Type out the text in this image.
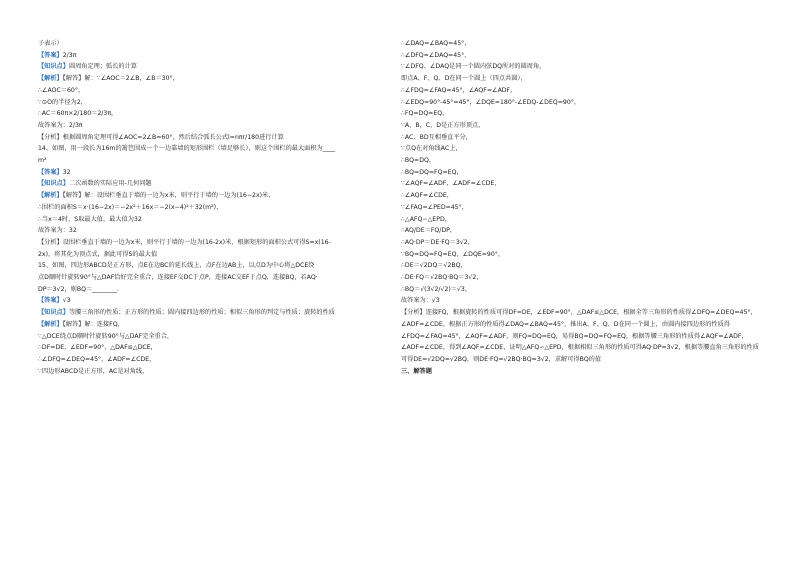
子表示）
【答案】2/3π
【知识点】圆周角定理；弧长的计算
【解析】【解答】解：∵∠AOC＝2∠B，∠B＝30°，
∴∠AOC＝60°，
∵⊙O的半径为2，
∴AC＝60π×2/180＝2/3π，
故答案为：2/3π
【分析】根据圆周角定理可得∠AOC=2∠B=60°，然后结合弧长公式l=nπr/180进行计算
14、如图，用一段长为16m的篱笆围成一个一边靠墙的矩形围栏（墙足够长），则这个围栏的最大面积为____
m²
【答案】32
【知识点】二次函数的实际应用-几何问题
【解析】【解答】解：设围栏垂直于墙的一边为x米，则平行于墙的一边为(16−2x)米，
∴围栏的面积S＝x·(16−2x)＝−2x²＋16x＝−2(x−4)²＋32(m²)，
∴当x＝4时，S取最大值，最大值为32
故答案为：32
【分析】设围栏垂直于墙的一边为x米，则平行于墙的一边为(16-2x)米，根据矩形的面积公式可得S=x(16-
2x)，将其化为顶点式，据此可得S的最大值
15、如图，四边形ABCD是正方形，点E在边BC的延长线上，点F在边AB上，以点D为中心将△DCE绕
点D顺时针旋转90°与△DAF恰好完全重合，连接EF交DC于点P，连接AC交EF于点Q，连接BQ，若AQ·
DP＝3√2，则BQ＝________.
【答案】√3
【知识点】等腰三角形的性质；正方形的性质；圆内接四边形的性质；相似三角形的判定与性质；旋转的性质
【解析】【解答】解：连接FQ，
∵△DCE绕点D顺时针旋转90°与△DAF完全重合，
∴DF=DE，∠EDF=90°，△DAF≌△DCE，
∴∠DFQ=∠DEQ=45°，∠ADF=∠CDE，
∵四边形ABCD是正方形，AC是对角线，
∴∠DAQ=∠BAQ=45°，
∴∠DFQ=∠DAQ=45°，
∵∠DFQ、∠DAQ是同一个圆内弦DQ所对的圆周角，
即点A、F、Q、D在同一个圆上（四点共圆），
∴∠FDQ=∠FAQ=45°，∠AQF=∠ADF，
∴∠EDQ=90°-45°=45°，∠DQE=180°-∠EDQ-∠DEQ=90°，
∴FQ=DQ=EQ，
∵A，B，C，D是正方形顶点，
∴AC、BD互相垂直平分，
∵点Q在对角线AC上，
∴BQ=DQ，
∴BQ=DQ=FQ=EQ，
∵∠AQF=∠ADF，∠ADF=∠CDE，
∴∠AQF=∠CDE，
∵∠FAQ=∠PED=45°，
∴△AFQ∽△EPD，
∴AQ/DE＝FQ/DP，
∴AQ·DP＝DE·FQ＝3√2，
∵BQ=DQ=FQ=EQ，∠DQE=90°，
∴DE＝√2DQ＝√2BQ，
∴DE·FQ＝√2BQ·BQ＝3√2，
∴BQ＝√(3√2/√2)＝√3，
故答案为：√3
【分析】连接FQ，根据旋转的性质可得DF=DE，∠EDF=90°，△DAF≌△DCE，根据全等三角形的性质得∠DFQ=∠DEQ=45°，∠ADF=∠CDE，根据正方形的性质得∠DAQ=∠BAQ=45°，推出A、F、Q、D在同一个圆上，由圆内接四边形的性质得∠FDQ=∠FAQ=45°，∠AQF=∠ADF，则FQ=DQ=EQ，易得BQ=DQ=FQ=EQ，根据等腰三角形的性质得∠AQF=∠ADF，∠ADF=∠CDE，得到∠AQF=∠CDE，证明△AFQ∽△EPD，根据相似三角形的性质可得AQ·DP=3√2，根据等腰直角三角形的性质可得DE=√2DQ=√2BQ，则DE·FQ=√2BQ·BQ=3√2，求解可得BQ的值
三、解答题
